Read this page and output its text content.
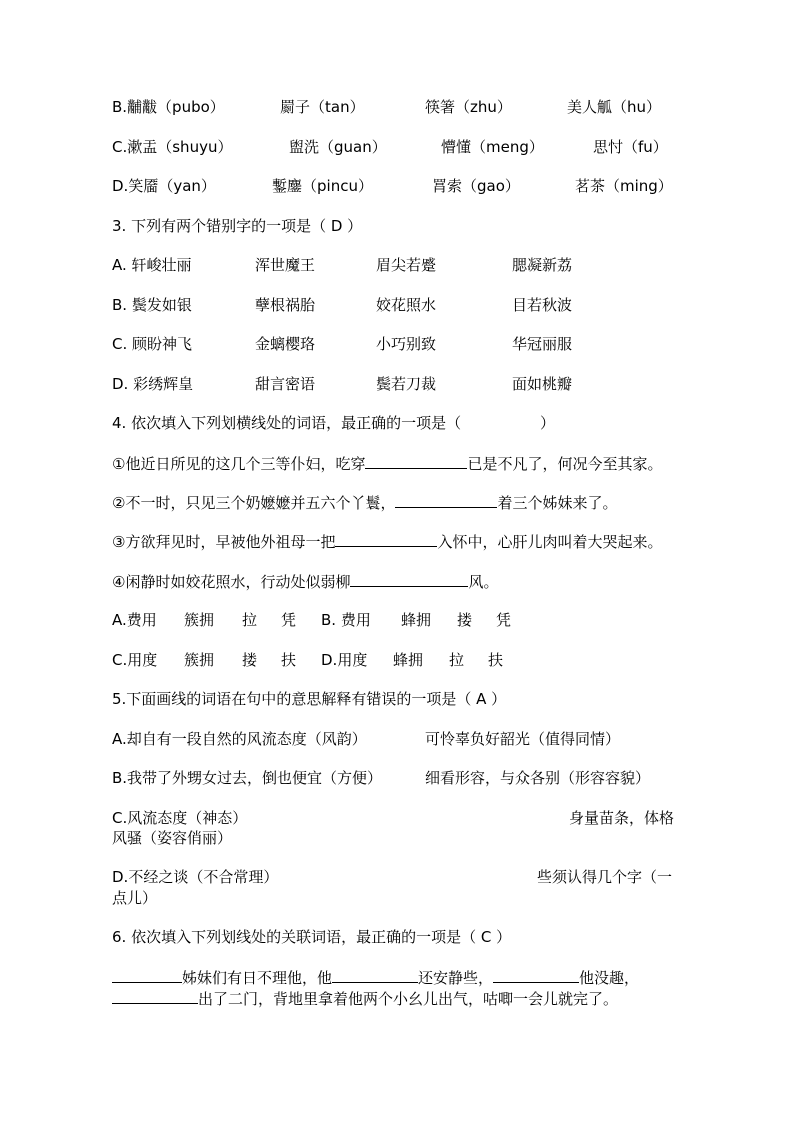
B.黼黻（pubo）	罽子（tan）	筷箸（zhu）	美人觚（hu）
C.漱盂（shuyu）	盥洗（guan）	懵懂（meng）	思忖（fu）
D.笑靥（yan）	鏨鏖（pincu）	罥索（gao）	茗茶（ming）
3. 下列有两个错别字的一项是（ D ）
A. 轩峻壮丽	浑世魔王	眉尖若蹙	腮凝新荔
B. 鬓发如银	孽根祸胎	姣花照水	目若秋波
C. 顾盼神飞	金螭樱珞	小巧别致	华冠丽服
D. 彩绣辉皇	甜言密语	鬓若刀裁	面如桃瓣
4. 依次填入下列划横线处的词语，最正确的一项是（	）
①他近日所见的这几个三等仆妇，吃穿	已是不凡了，何况今至其家。
②不一时，只见三个奶嬷嬷并五六个丫鬟，	着三个姊妹来了。
③方欲拜见时，早被他外祖母一把	入怀中，心肝儿肉叫着大哭起来。
④闲静时如姣花照水，行动处似弱柳	风。
A.费用 簇拥 拉 凭 B. 费用 蜂拥 搂 凭
C.用度 簇拥 搂 扶 D.用度 蜂拥 拉 扶
5.下面画线的词语在句中的意思解释有错误的一项是（ A ）
A.却自有一段自然的风流态度（风韵）	可怜辜负好韶光（值得同情）
B.我带了外甥女过去，倒也便宜（方便）	细看形容，与众各别（形容容貌）
C.风流态度（神态）	身量苗条，体格
风骚（姿容俏丽）
D.不经之谈（不合常理）	些须认得几个字（一
点儿）
6. 依次填入下列划线处的关联词语，最正确的一项是（ C ）
姊妹们有日不理他，他	还安静些，	他没趣，
出了二门，背地里拿着他两个小幺儿出气，咕唧一会儿就完了。
